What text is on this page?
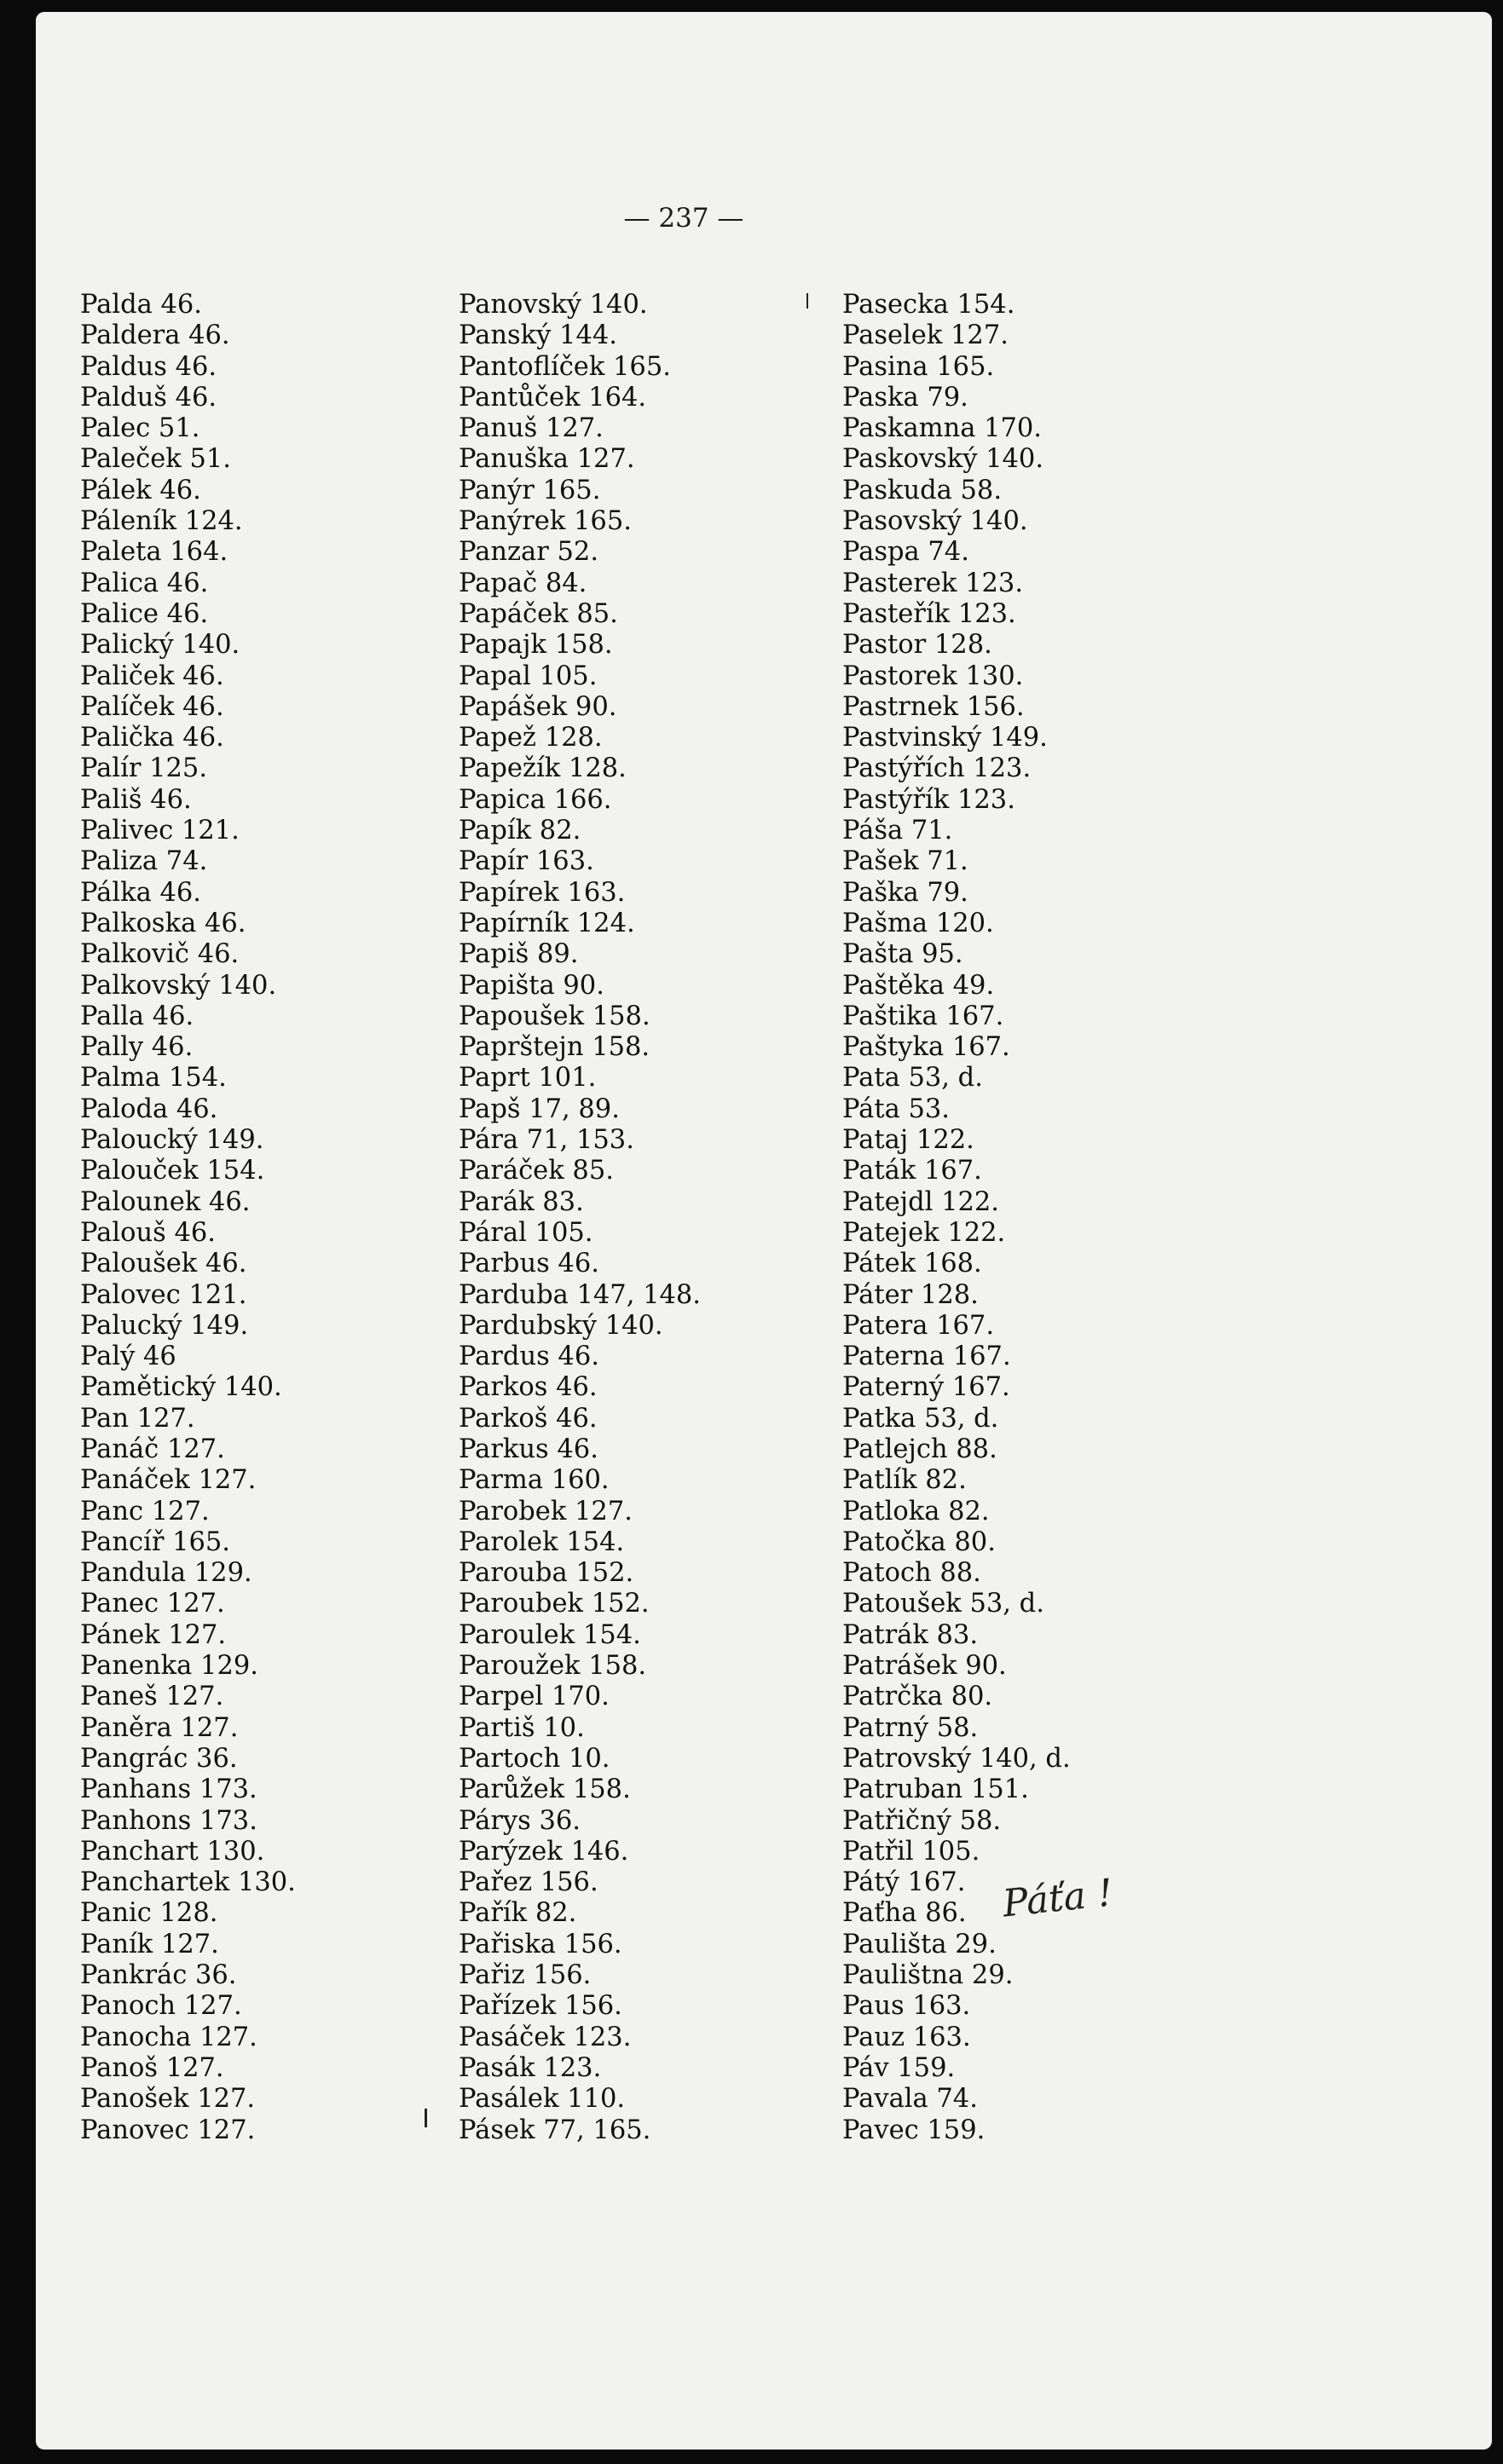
— 237 —
Palda 46.
Paldera 46.
Paldus 46.
Palduš 46.
Palec 51.
Paleček 51.
Pálek 46.
Páleník 124.
Paleta 164.
Palica 46.
Palice 46.
Palický 140.
Paliček 46.
Palíček 46.
Palička 46.
Palír 125.
Pališ 46.
Palivec 121.
Paliza 74.
Pálka 46.
Palkoska 46.
Palkovič 46.
Palkovský 140.
Palla 46.
Pally 46.
Palma 154.
Paloda 46.
Paloucký 149.
Palouček 154.
Palounek 46.
Palouš 46.
Paloušek 46.
Palovec 121.
Palucký 149.
Palý 46
Pamětický 140.
Pan 127.
Panáč 127.
Panáček 127.
Panc 127.
Pancíř 165.
Pandula 129.
Panec 127.
Pánek 127.
Panenka 129.
Paneš 127.
Paněra 127.
Pangrác 36.
Panhans 173.
Panhons 173.
Panchart 130.
Panchartek 130.
Panic 128.
Paník 127.
Pankrác 36.
Panoch 127.
Panocha 127.
Panoš 127.
Panošek 127.
Panovec 127.
Panovský 140.
Panský 144.
Pantoflíček 165.
Pantůček 164.
Panuš 127.
Panuška 127.
Panýr 165.
Panýrek 165.
Panzar 52.
Papač 84.
Papáček 85.
Papajk 158.
Papal 105.
Papášek 90.
Papež 128.
Papežík 128.
Papica 166.
Papík 82.
Papír 163.
Papírek 163.
Papírník 124.
Papiš 89.
Papišta 90.
Papoušek 158.
Paprštejn 158.
Paprt 101.
Papš 17, 89.
Pára 71, 153.
Paráček 85.
Parák 83.
Páral 105.
Parbus 46.
Parduba 147, 148.
Pardubský 140.
Pardus 46.
Parkos 46.
Parkoš 46.
Parkus 46.
Parma 160.
Parobek 127.
Parolek 154.
Parouba 152.
Paroubek 152.
Paroulek 154.
Paroužek 158.
Parpel 170.
Partiš 10.
Partoch 10.
Parůžek 158.
Párys 36.
Parýzek 146.
Pařez 156.
Pařík 82.
Pařiska 156.
Pařiz 156.
Pařízek 156.
Pasáček 123.
Pasák 123.
Pasálek 110.
Pásek 77, 165.
Pasecka 154.
Paselek 127.
Pasina 165.
Paska 79.
Paskamna 170.
Paskovský 140.
Paskuda 58.
Pasovský 140.
Paspa 74.
Pasterek 123.
Pasteřík 123.
Pastor 128.
Pastorek 130.
Pastrnek 156.
Pastvinský 149.
Pastýřích 123.
Pastýřík 123.
Páša 71.
Pašek 71.
Paška 79.
Pašma 120.
Pašta 95.
Paštěka 49.
Paštika 167.
Paštyka 167.
Pata 53, d.
Páta 53.
Pataj 122.
Paták 167.
Patejdl 122.
Patejek 122.
Pátek 168.
Páter 128.
Patera 167.
Paterna 167.
Paterný 167.
Patka 53, d.
Patlejch 88.
Patlík 82.
Patloka 82.
Patočka 80.
Patoch 88.
Patoušek 53, d.
Patrák 83.
Patrášek 90.
Patrčka 80.
Patrný 58.
Patrovský 140, d.
Patruban 151.
Patřičný 58.
Patřil 105.
Pátý 167.
Paťha 86.
Paulišta 29.
Paulištna 29.
Paus 163.
Pauz 163.
Páv 159.
Pavala 74.
Pavec 159.
Páťa !
